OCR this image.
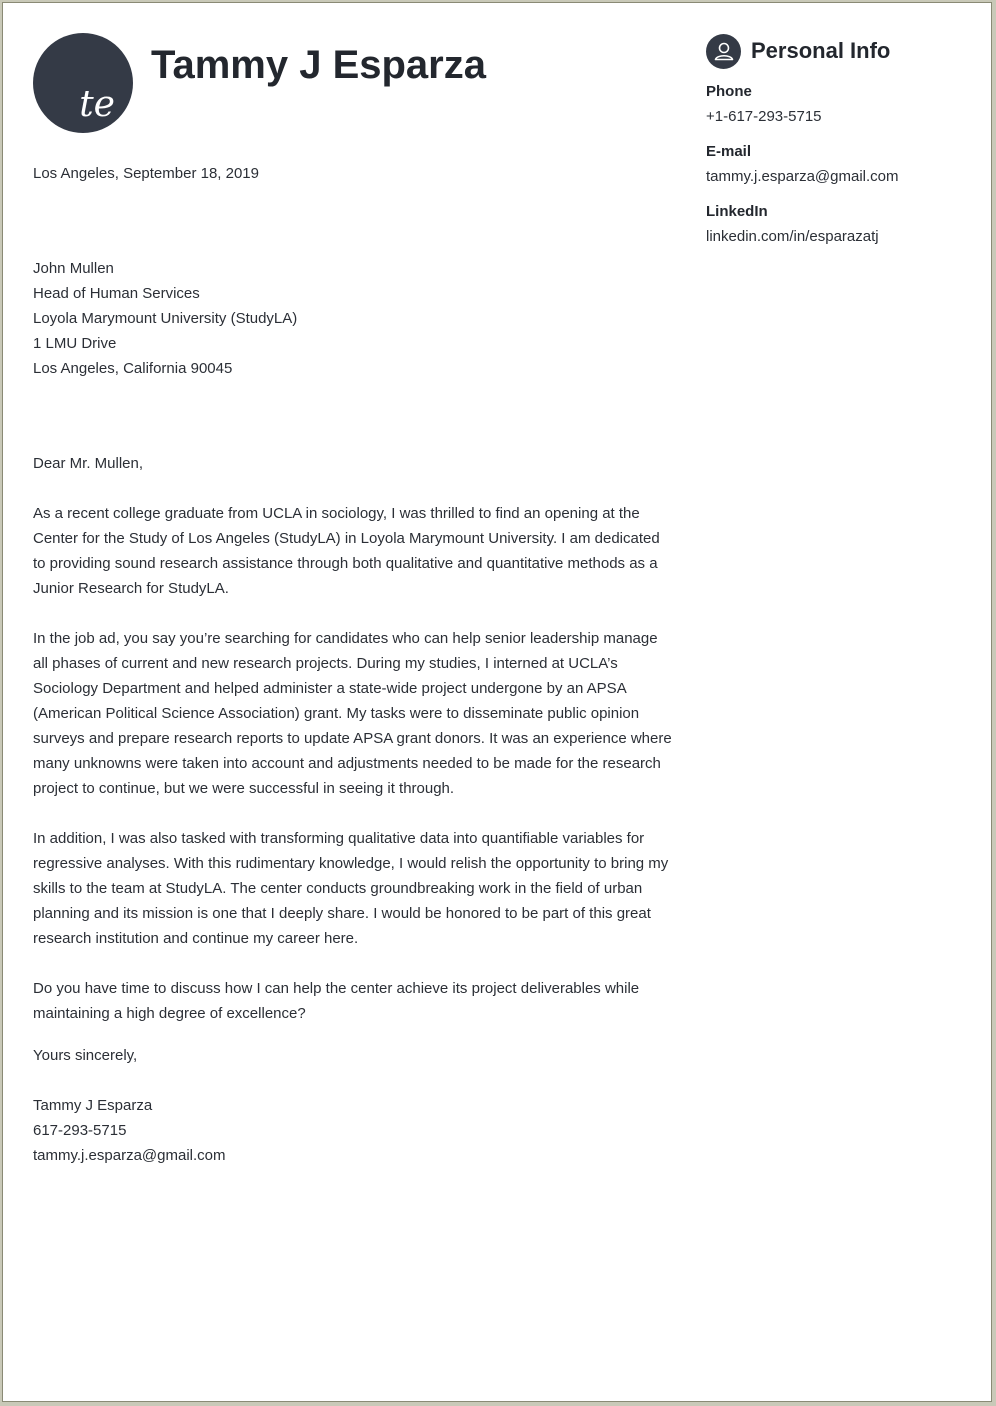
te
Tammy J Esparza
Los Angeles, September 18, 2019
John Mullen
Head of Human Services
Loyola Marymount University (StudyLA)
1 LMU Drive
Los Angeles, California 90045

Dear Mr. Mullen,

As a recent college graduate from UCLA in sociology, I was thrilled to find an opening at the Center for the Study of Los Angeles (StudyLA) in Loyola Marymount University. I am dedicated to providing sound research assistance through both qualitative and quantitative methods as a Junior Research for StudyLA.

In the job ad, you say you’re searching for candidates who can help senior leadership manage all phases of current and new research projects. During my studies, I interned at UCLA’s Sociology Department and helped administer a state-wide project undergone by an APSA (American Political Science Association) grant. My tasks were to disseminate public opinion surveys and prepare research reports to update APSA grant donors. It was an experience where many unknowns were taken into account and adjustments needed to be made for the research project to continue, but we were successful in seeing it through.

In addition, I was also tasked with transforming qualitative data into quantifiable variables for regressive analyses. With this rudimentary knowledge, I would relish the opportunity to bring my skills to the team at StudyLA. The center conducts groundbreaking work in the field of urban planning and its mission is one that I deeply share. I would be honored to be part of this great research institution and continue my career here.

Do you have time to discuss how I can help the center achieve its project deliverables while maintaining a high degree of excellence?

Yours sincerely,

Tammy J Esparza

617-293-5715

tammy.j.esparza@gmail.com

Personal Info
Phone
+1-617-293-5715
E-mail
tammy.j.esparza@gmail.com
LinkedIn
linkedin.com/in/esparazatj
